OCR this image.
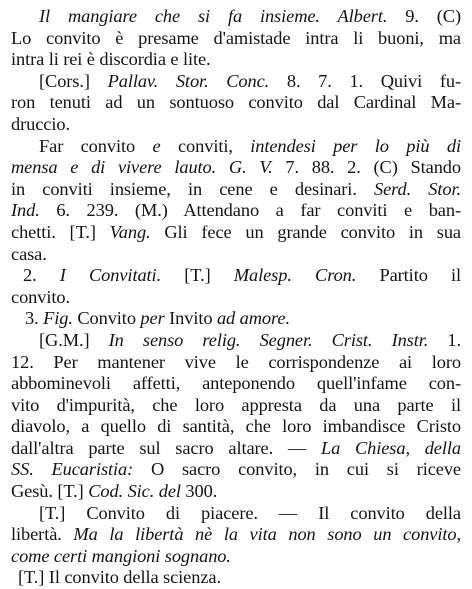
Il mangiare che si fa insieme. Albert. 9. (C)
Lo convito è presame d'amistade intra li buoni, ma
intra li rei è discordia e lite.
[Cors.] Pallav. Stor. Conc. 8. 7. 1. Quivi fu-
ron tenuti ad un sontuoso convito dal Cardinal Ma-
druccio.
Far convito e conviti, intendesi per lo più di
mensa e di vivere lauto. G. V. 7. 88. 2. (C) Stando
in conviti insieme, in cene e desinari. Serd. Stor.
Ind. 6. 239. (M.) Attendano a far conviti e ban-
chetti. [T.] Vang. Gli fece un grande convito in sua
casa.
2. I Convitati. [T.] Malesp. Cron. Partito il
convito.
3. Fig. Convito per Invito ad amore.
[G.M.] In senso relig. Segner. Crist. Instr. 1.
12. Per mantener vive le corrispondenze ai loro
abbominevoli affetti, anteponendo quell'infame con-
vito d'impurità, che loro appresta da una parte il
diavolo, a quello di santità, che loro imbandisce Cristo
dall'altra parte sul sacro altare. — La Chiesa, della
SS. Eucaristia: O sacro convito, in cui si riceve
Gesù. [T.] Cod. Sic. del 300.
[T.] Convito di piacere. — Il convito della
libertà. Ma la libertà nè la vita non sono un convito,
come certi mangioni sognano.
[T.] Il convito della scienza.
